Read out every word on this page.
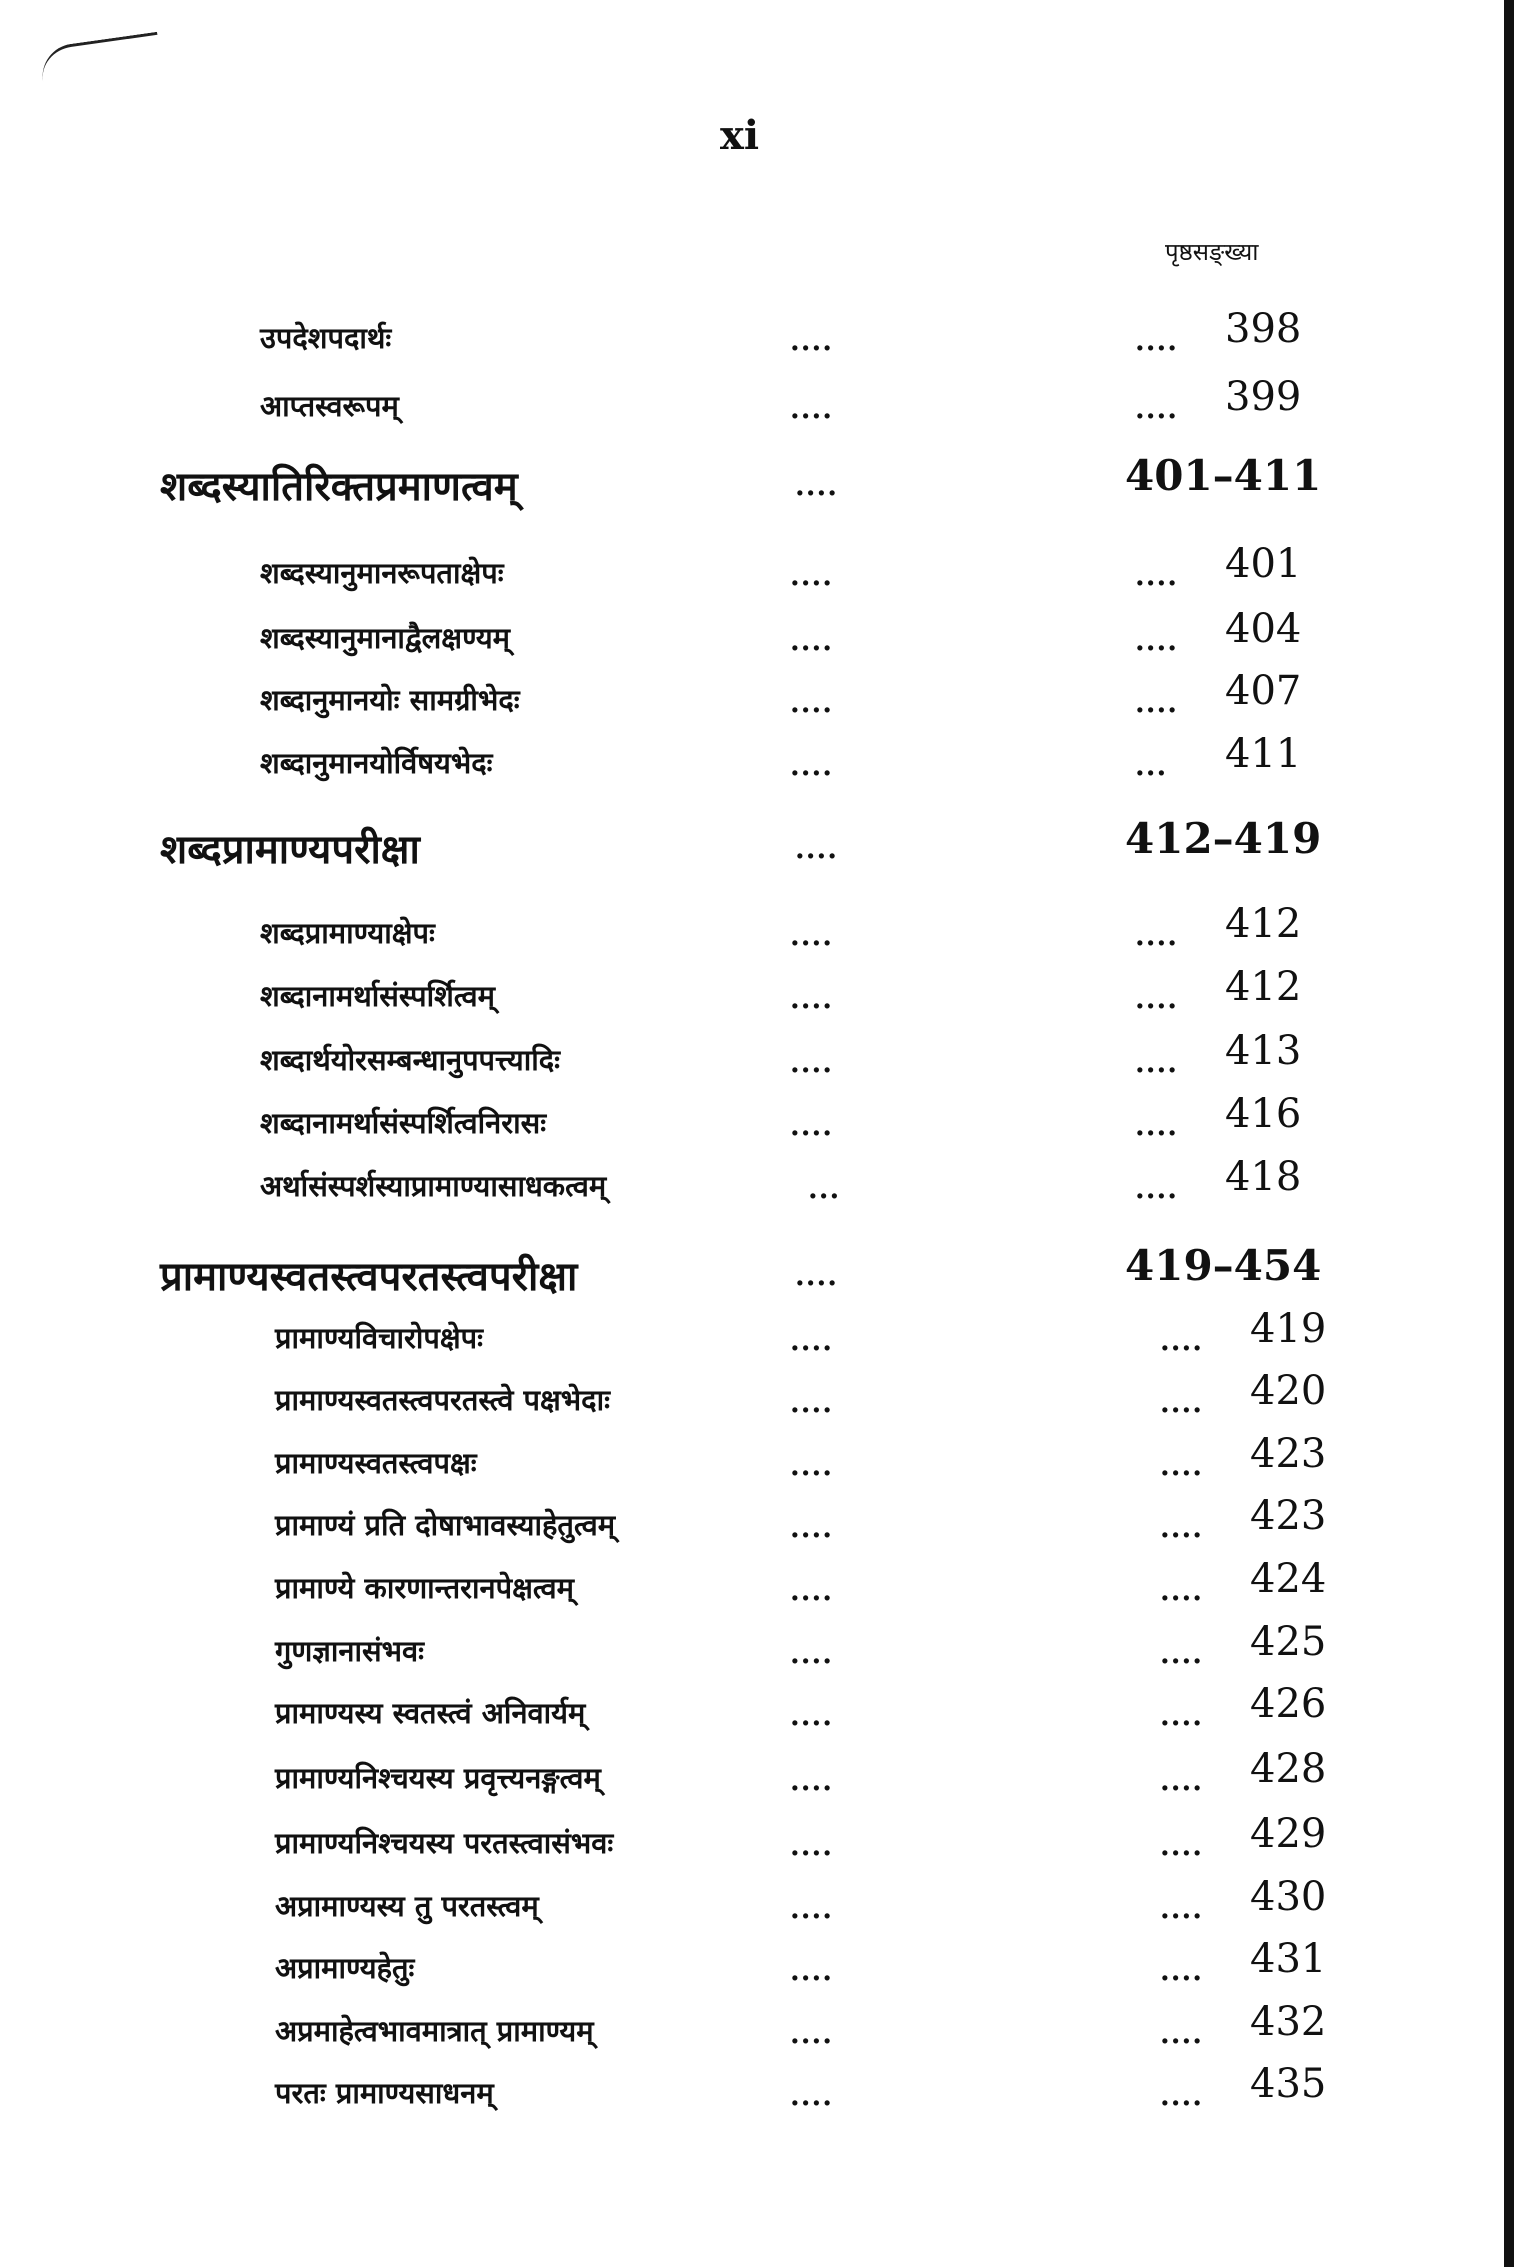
xi
पृष्ठसङ्ख्या
उपदेशपदार्थः	....	.... 398
आप्तस्वरूपम्	....	.... 399
शब्दस्यातिरिक्तप्रमाणत्वम्	....	401–411
शब्दस्यानुमानरूपताक्षेपः	....	.... 401
शब्दस्यानुमानाद्वैलक्षण्यम्	....	.... 404
शब्दानुमानयोः सामग्रीभेदः	....	.... 407
शब्दानुमानयोर्विषयभेदः	....	... 411
शब्दप्रामाण्यपरीक्षा	....	412–419
शब्दप्रामाण्याक्षेपः	....	.... 412
शब्दानामर्थासंस्पर्शित्वम्	....	.... 412
शब्दार्थयोरसम्बन्धानुपपत्त्यादिः	....	.... 413
शब्दानामर्थासंस्पर्शित्वनिरासः	....	.... 416
अर्थासंस्पर्शस्याप्रामाण्यासाधकत्वम्	...	.... 418
प्रामाण्यस्वतस्त्वपरतस्त्वपरीक्षा	....	419–454
प्रामाण्यविचारोपक्षेपः	....	.... 419
प्रामाण्यस्वतस्त्वपरतस्त्वे पक्षभेदाः	....	.... 420
प्रामाण्यस्वतस्त्वपक्षः	....	.... 423
प्रामाण्यं प्रति दोषाभावस्याहेतुत्वम्	....	.... 423
प्रामाण्ये कारणान्तरानपेक्षत्वम्	....	.... 424
गुणज्ञानासंभवः	....	.... 425
प्रामाण्यस्य स्वतस्त्वं अनिवार्यम्	....	.... 426
प्रामाण्यनिश्चयस्य प्रवृत्त्यनङ्गत्वम्	....	.... 428
प्रामाण्यनिश्चयस्य परतस्त्वासंभवः	....	.... 429
अप्रामाण्यस्य तु परतस्त्वम्	....	.... 430
अप्रामाण्यहेतुः	....	.... 431
अप्रमाहेत्वभावमात्रात् प्रामाण्यम्	....	.... 432
परतः प्रामाण्यसाधनम्	....	.... 435
